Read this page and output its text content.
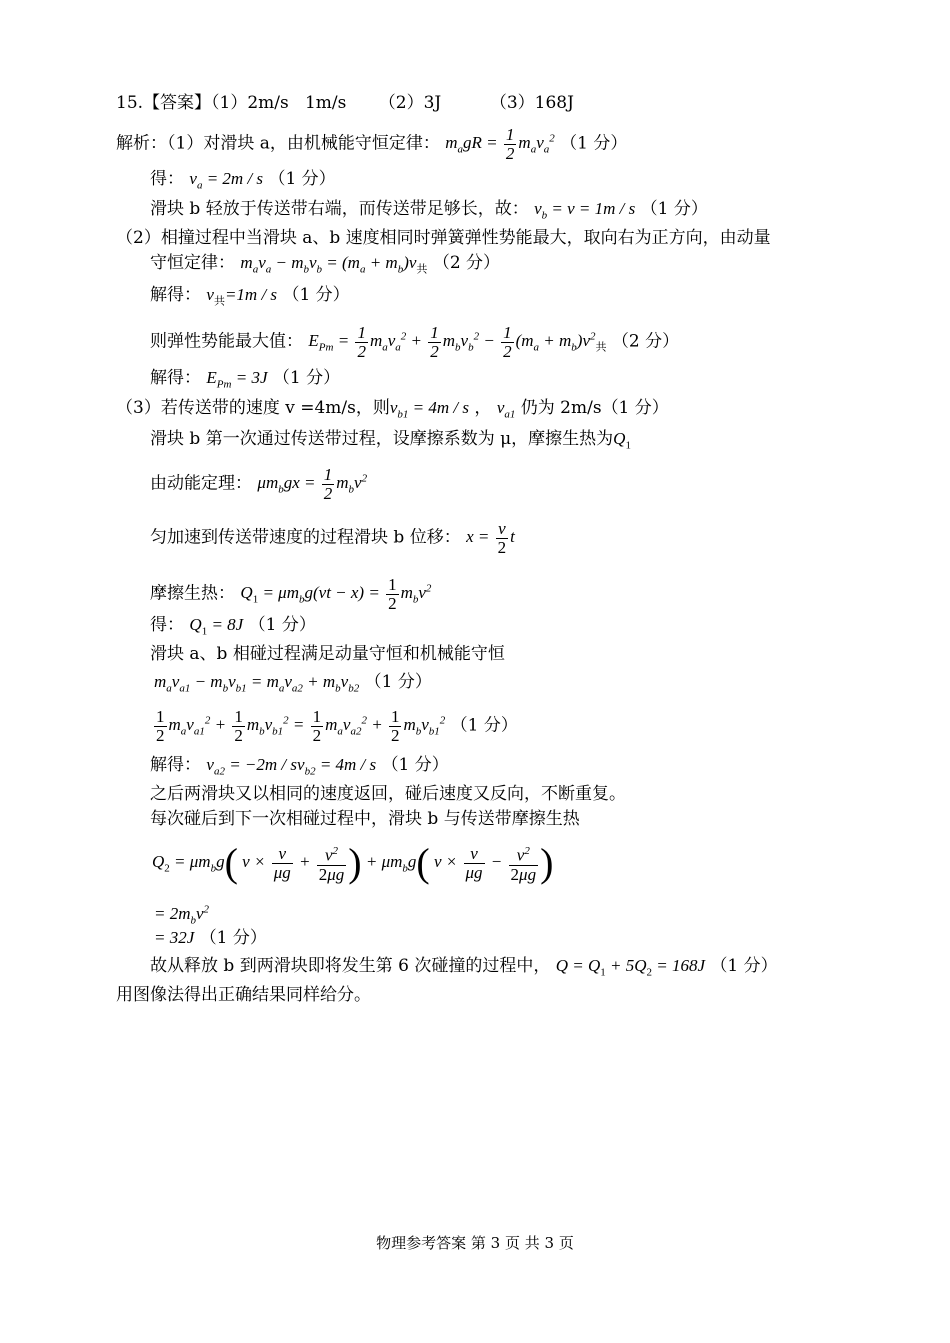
15.【答案】（1）2m/s   1m/s      （2）3J         （3）168J
解析：（1）对滑块 a，由机械能守恒定律： $m_agR = \frac{1}{2} m_av_a^2$ （1 分）
得： $v_a = 2m / s$ （1 分）
滑块 b 轻放于传送带右端，而传送带足够长，故： $v_b = v = 1m / s$ （1 分）
（2）相撞过程中当滑块 a、b 速度相同时弹簧弹性势能最大，取向右为正方向，由动量
守恒定律： $m_av_a - m_bv_b = (m_a + m_b)v_共$ （2 分）
解得： $v_共=1m / s$ （1 分）
则弹性势能最大值： $E_{Pm} = \frac{1}{2} m_av_a^2 + \frac{1}{2} m_bv_b^2 - \frac{1}{2} (m_a + m_b)v^2_共$ （2 分）
解得： $E_{Pm} = 3J$ （1 分）
（3）若传送带的速度 v =4m/s，则$v_{b1} = 4m / s$ ， $v_{a1}$ 仍为 2m/s（1 分）
滑块 b 第一次通过传送带过程，设摩擦系数为 μ，摩擦生热为$Q_1$
由动能定理： $\mu m_bgx = \frac{1}{2} m_bv^2$
匀加速到传送带速度的过程滑块 b 位移： $x = \frac{v}{2}$ t
摩擦生热： $Q_1 = \mu m_bg(vt - x) = \frac{1}{2} m_bv^2$
得： $Q_1 = 8J$ （1 分）
滑块 a、b 相碰过程满足动量守恒和机械能守恒
$m_av_{a1} - m_bv_{b1} = m_av_{a2} + m_bv_{b2}$ （1 分）
$\frac{1}{2} m_av_{a1}^2 + \frac{1}{2} m_bv_{b1}^2 = \frac{1}{2} m_av_{a2}^2 + \frac{1}{2} m_bv_{b1}^2$ （1 分）
解得： $v_{a2} = -2m / sv_{b2} = 4m / s$ （1 分）
之后两滑块又以相同的速度返回，碰后速度又反向，不断重复。
每次碰后到下一次相碰过程中，滑块 b 与传送带摩擦生热
$Q_2 = \mu m_bg$( $v \times \frac{v}{\mu g} + \frac{v^2}{2\mu g}$ ) + $\mu m_bg$( $v \times \frac{v}{\mu g} - \frac{v^2}{2\mu g}$ )
= $2m_bv^2$
= 32J （1 分）
故从释放 b 到两滑块即将发生第 6 次碰撞的过程中， $Q = Q_1 + 5Q_2 = 168J$ （1 分）
用图像法得出正确结果同样给分。
物理参考答案 第 3 页 共 3 页
